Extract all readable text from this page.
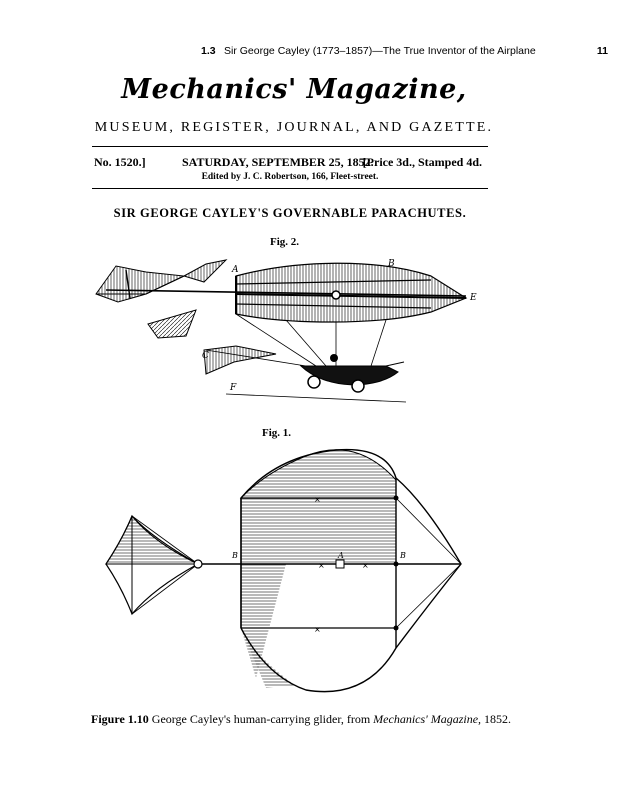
1.3 Sir George Cayley (1773–1857)—The True Inventor of the Airplane	11
Mechanics' Magazine,
MUSEUM, REGISTER, JOURNAL, AND GAZETTE.
No. 1520.]	SATURDAY, SEPTEMBER 25, 1852.
[Price 3d., Stamped 4d.
Edited by J. C. Robertson, 166, Fleet-street.
SIR GEORGE CAYLEY'S GOVERNABLE PARACHUTES.
Fig. 2.
A
B
C
E
F
Fig. 1.
×	×
×
×
B	A	B
Figure 1.10 George Cayley's human-carrying glider, from Mechanics' Magazine, 1852.
